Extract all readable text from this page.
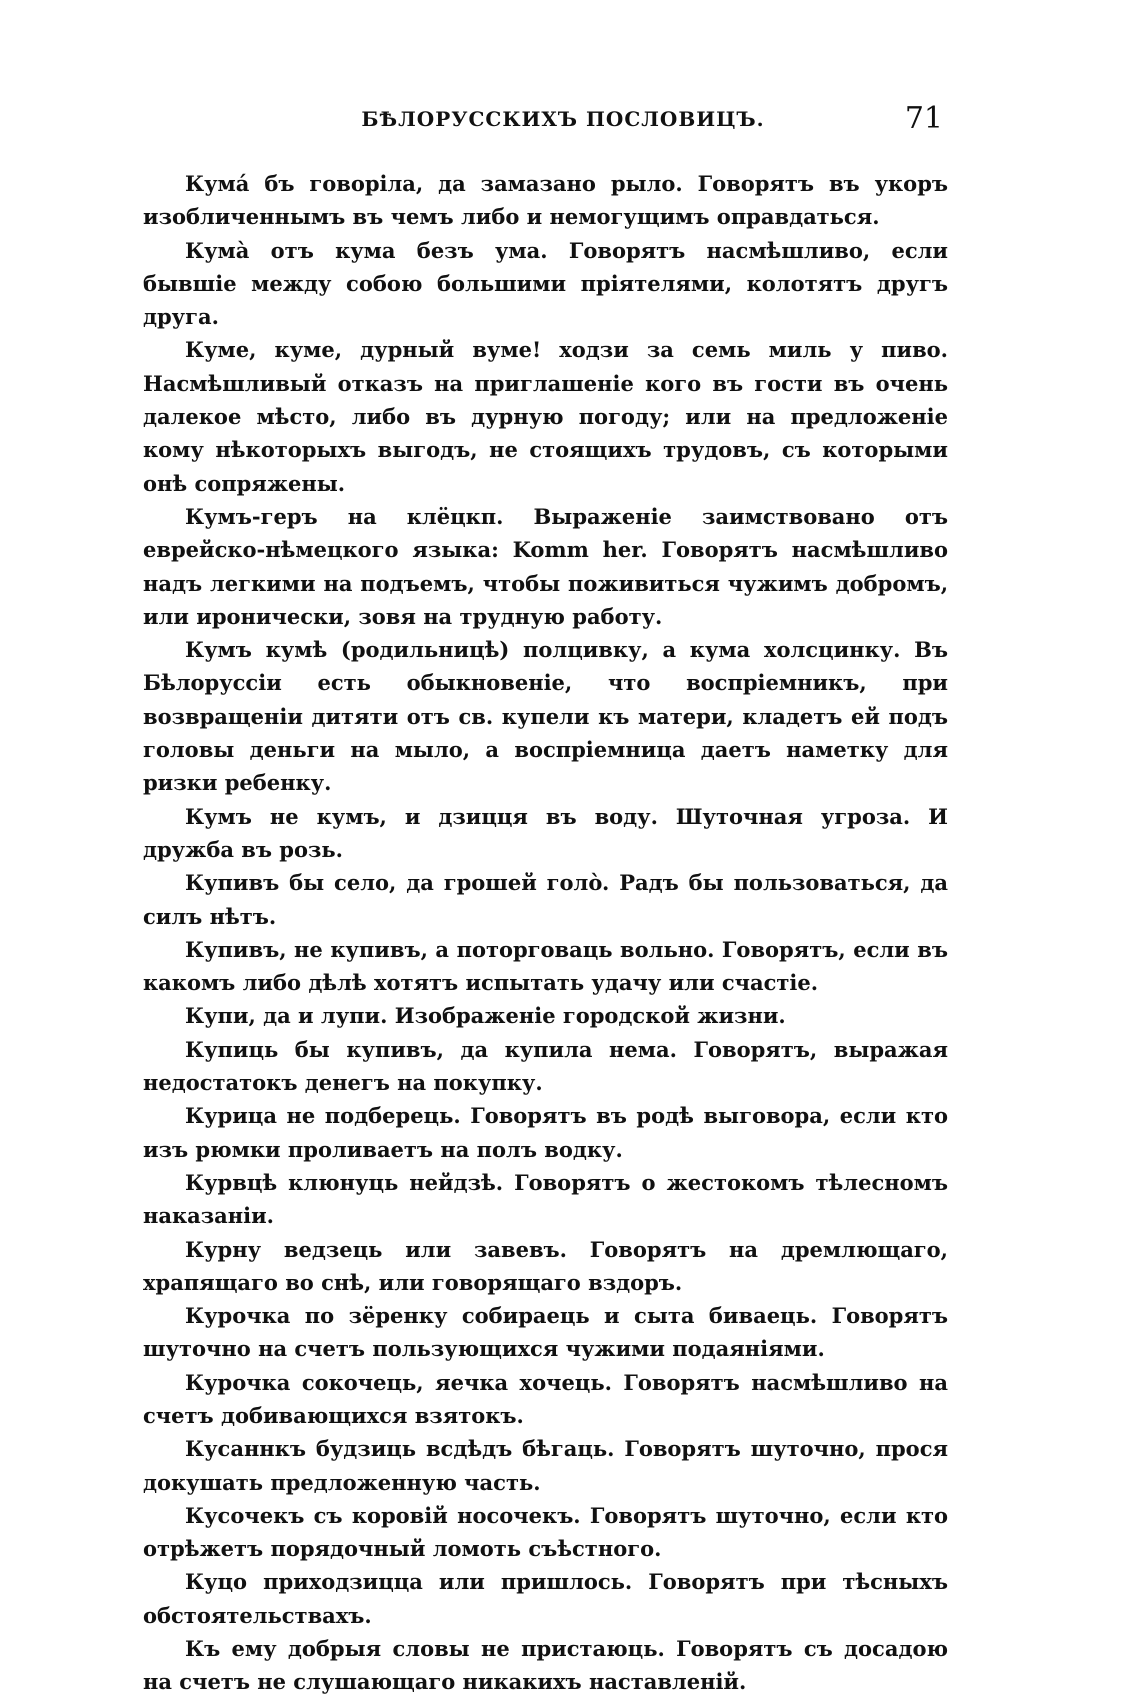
БѢЛОРУССКИХЪ ПОСЛОВИЦЪ.	71

Кумá бъ говорiла, да замазано рыло. Говорятъ въ укоръ изобличеннымъ въ чемъ либо и немогущимъ оправдаться.

Кумà отъ кума безъ ума. Говорятъ насмѣшливо, если бывшiе между собою большими прiятелями, колотятъ другъ друга.

Куме, куме, дурный вуме! ходзи за семь миль у пиво. Насмѣшливый отказъ на приглашенiе кого въ гости въ очень далекое мѣсто, либо въ дурную погоду; или на предложенiе кому нѣкоторыхъ выгодъ, не стоящихъ трудовъ, съ которыми онѣ сопряжены.

Кумъ-геръ на клёцкп. Выраженiе заимствовано отъ еврейско-нѣмецкого языка: Komm her. Говорятъ насмѣшливо надъ легкими на подъемъ, чтобы поживиться чужимъ добромъ, или иронически, зовя на трудную работу.

Кумъ кумѣ (родильницѣ) полцивку, а кума холсцинку. Въ Бѣлоруссiи есть обыкновенiе, что воспрiемникъ, при возвращенiи дитяти отъ св. купели къ матери, кладетъ ей подъ головы деньги на мыло, а воспрiемница даетъ наметку для ризки ребенку.

Кумъ не кумъ, и дзицця въ воду. Шуточная угроза. И дружба въ розь.

Купивъ бы село, да грошей голò. Радъ бы пользоваться, да силъ нѣтъ.

Купивъ, не купивъ, а поторговаць вольно. Говорятъ, если въ какомъ либо дѣлѣ хотятъ испытать удачу или счастiе.

Купи, да и лупи. Изображенiе городской жизни.

Купиць бы купивъ, да купила нема. Говорятъ, выражая недостатокъ денегъ на покупку.

Курица не подберець. Говорятъ въ родѣ выговора, если кто изъ рюмки проливаетъ на полъ водку.

Курвцѣ клюнуць нейдзѣ. Говорятъ о жестокомъ тѣлесномъ наказанiи.

Курну ведзець или завевъ. Говорятъ на дремлющаго, храпящаго во снѣ, или говорящаго вздоръ.

Курочка по зёренку собираець и сыта биваець. Говорятъ шуточно на счетъ пользующихся чужими подаянiями.

Курочка сокочець, яечка хочець. Говорятъ насмѣшливо на счетъ добивающихся взятокъ.

Кусаннкъ будзиць всдѣдъ бѣгаць. Говорятъ шуточно, прося докушать предложенную часть.

Кусочекъ съ коровiй носочекъ. Говорятъ шуточно, если кто отрѣжетъ порядочный ломоть съѣстного.

Куцо приходзицца или пришлось. Говорятъ при тѣсныхъ обстоятельствахъ.

Къ ему добрыя словы не пристаюць. Говорятъ съ досадою на счетъ не слушающаго никакихъ наставленiй.
